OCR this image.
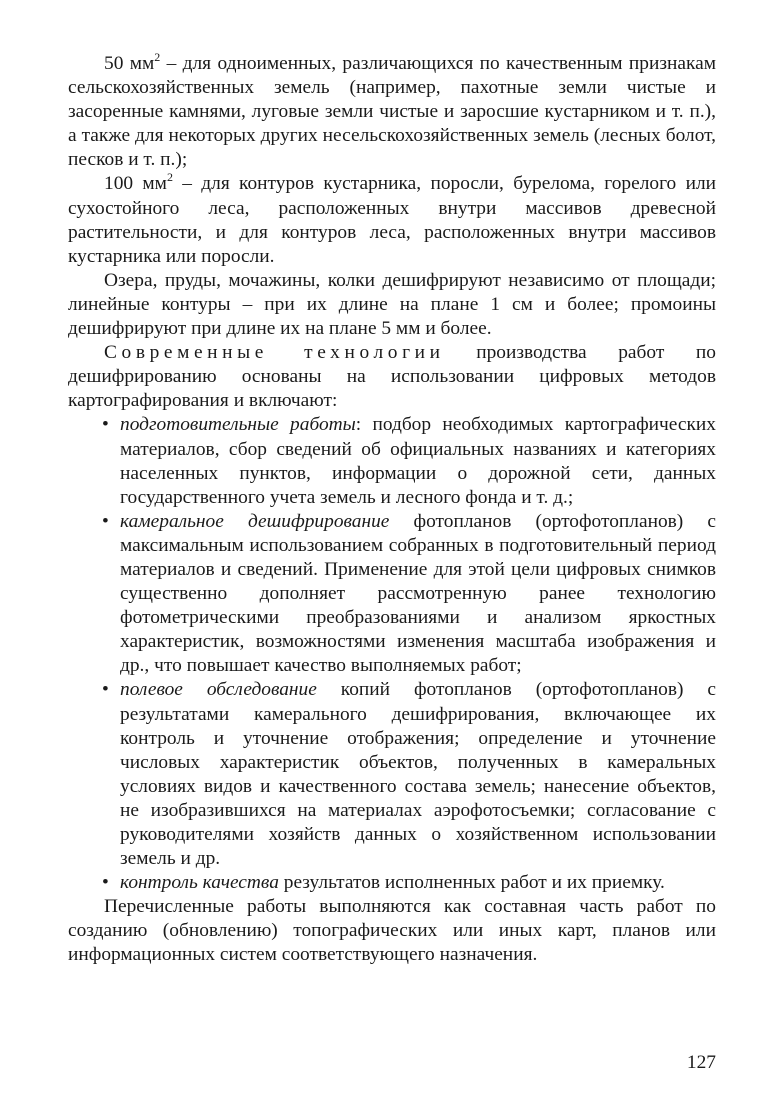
50 $мм^2$ – для одноименных, различающихся по качественным признакам сельскохозяйственных земель (например, пахотные земли чистые и засоренные камнями, луговые земли чистые и заросшие кустарником и т. п.), а также для некоторых других несельскохозяйственных земель (лесных болот, песков и т. п.);

100 $мм^2$ – для контуров кустарника, поросли, бурелома, горелого или сухостойного леса, расположенных внутри массивов древесной растительности, и для контуров леса, расположенных внутри массивов кустарника или поросли.

Озера, пруды, мочажины, колки дешифрируют независимо от площади; линейные контуры – при их длине на плане 1 см и более; промоины дешифрируют при длине их на плане 5 мм и более.

Современные технологии производства работ по дешифрированию основаны на использовании цифровых методов картографирования и включают:

• подготовительные работы: подбор необходимых картографических материалов, сбор сведений об официальных названиях и категориях населенных пунктов, информации о дорожной сети, данных государственного учета земель и лесного фонда и т. д.;
• камеральное дешифрирование фотопланов (ортофотопланов) с максимальным использованием собранных в подготовительный период материалов и сведений. Применение для этой цели цифровых снимков существенно дополняет рассмотренную ранее технологию фотометрическими преобразованиями и анализом яркостных характеристик, возможностями изменения масштаба изображения и др., что повышает качество выполняемых работ;
• полевое обследование копий фотопланов (ортофотопланов) с результатами камерального дешифрирования, включающее их контроль и уточнение отображения; определение и уточнение числовых характеристик объектов, полученных в камеральных условиях видов и качественного состава земель; нанесение объектов, не изобразившихся на материалах аэрофотосъемки; согласование с руководителями хозяйств данных о хозяйственном использовании земель и др.
• контроль качества результатов исполненных работ и их приемку.

Перечисленные работы выполняются как составная часть работ по созданию (обновлению) топографических или иных карт, планов или информационных систем соответствующего назначения.

127
